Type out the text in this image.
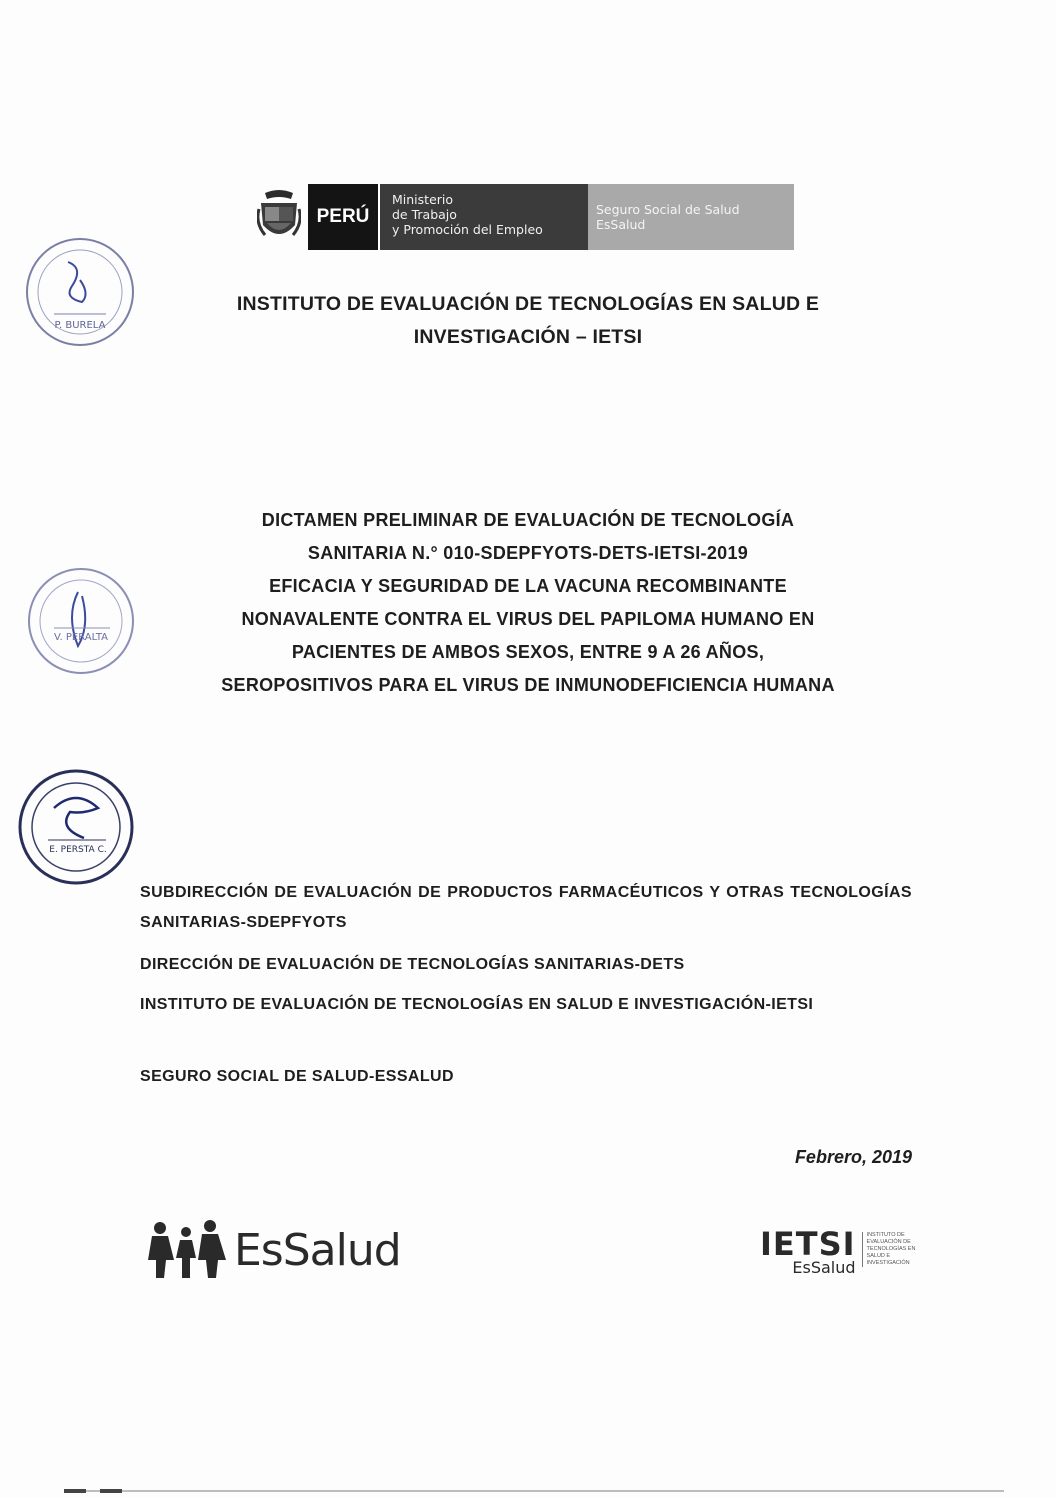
PERÚ
Ministerio
de Trabajo
y Promoción del Empleo
Seguro Social de Salud
EsSalud
P. BURELA
V. PERALTA
E. PERSTA C.
INSTITUTO DE EVALUACIÓN DE TECNOLOGÍAS EN SALUD E
INVESTIGACIÓN – IETSI
DICTAMEN PRELIMINAR DE EVALUACIÓN DE TECNOLOGÍA
SANITARIA N.° 010-SDEPFYOTS-DETS-IETSI-2019
EFICACIA Y SEGURIDAD DE LA VACUNA RECOMBINANTE
NONAVALENTE CONTRA EL VIRUS DEL PAPILOMA HUMANO EN
PACIENTES DE AMBOS SEXOS, ENTRE 9 A 26 AÑOS,
SEROPOSITIVOS PARA EL VIRUS DE INMUNODEFICIENCIA HUMANA
SUBDIRECCIÓN DE EVALUACIÓN DE PRODUCTOS FARMACÉUTICOS Y OTRAS TECNOLOGÍAS SANITARIAS-SDEPFYOTS
DIRECCIÓN DE EVALUACIÓN DE TECNOLOGÍAS SANITARIAS-DETS
INSTITUTO DE EVALUACIÓN DE TECNOLOGÍAS EN SALUD E INVESTIGACIÓN-IETSI
SEGURO SOCIAL DE SALUD-ESSALUD
Febrero, 2019
EsSalud	IETSI
EsSalud
INSTITUTO DE
EVALUACIÓN DE
TECNOLOGÍAS EN
SALUD E
INVESTIGACIÓN
